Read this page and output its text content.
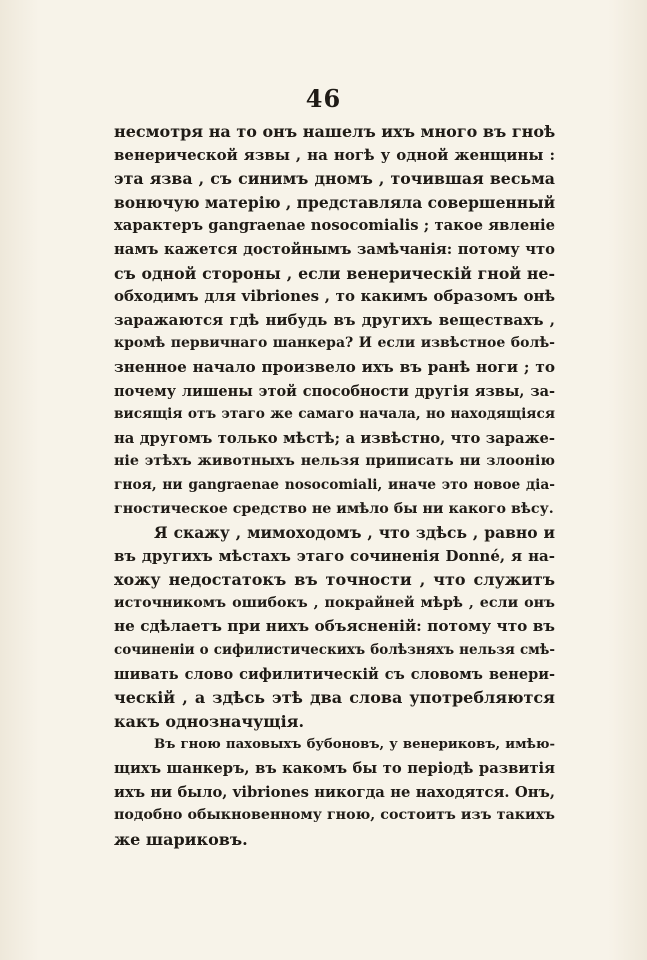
46
несмотря на то онъ нашелъ ихъ много въ гноѣ
венерической язвы , на ногѣ у одной женщины :
эта язва , съ синимъ дномъ , точившая весьма
вонючую матерію , представляла совершенный
характеръ gangraenae nosocomialis ; такое явленіе
намъ кажется достойнымъ замѣчанія: потому что
съ одной стороны , если венерическій гной не-
обходимъ для vibriones , то какимъ образомъ онѣ
заражаются гдѣ нибудь въ другихъ веществахъ ,
кромѣ первичнаго шанкера? И если извѣстное болѣ-
зненное начало произвело ихъ въ ранѣ ноги ; то
почему лишены этой способности другія язвы, за-
висящія отъ этаго же самаго начала, но находящіяся
на другомъ только мѣстѣ; а извѣстно, что зараже-
ніе этѣхъ животныхъ нельзя приписать ни злоонію
гноя, ни gangraenae nosocomiali, иначе это новое діа-
гностическое средство не имѣло бы ни какого вѣсу.
Я скажу , мимоходомъ , что здѣсь , равно и
въ другихъ мѣстахъ этаго сочиненія Donné, я на-
хожу недостатокъ въ точности , что служитъ
источникомъ ошибокъ , покрайней мѣрѣ , если онъ
не сдѣлаетъ при нихъ объясненій: потому что въ
сочиненіи о сифилистическихъ болѣзняхъ нельзя смѣ-
шивать слово сифилитическій съ словомъ венери-
ческій , а здѣсь этѣ два слова употребляются
какъ однозначущія.
Въ гною паховыхъ бубоновъ, у венериковъ, имѣю-
щихъ шанкеръ, въ какомъ бы то періодѣ развитія
ихъ ни было, vibriones никогда не находятся. Онъ,
подобно обыкновенному гною, состоитъ изъ такихъ
же шариковъ.
